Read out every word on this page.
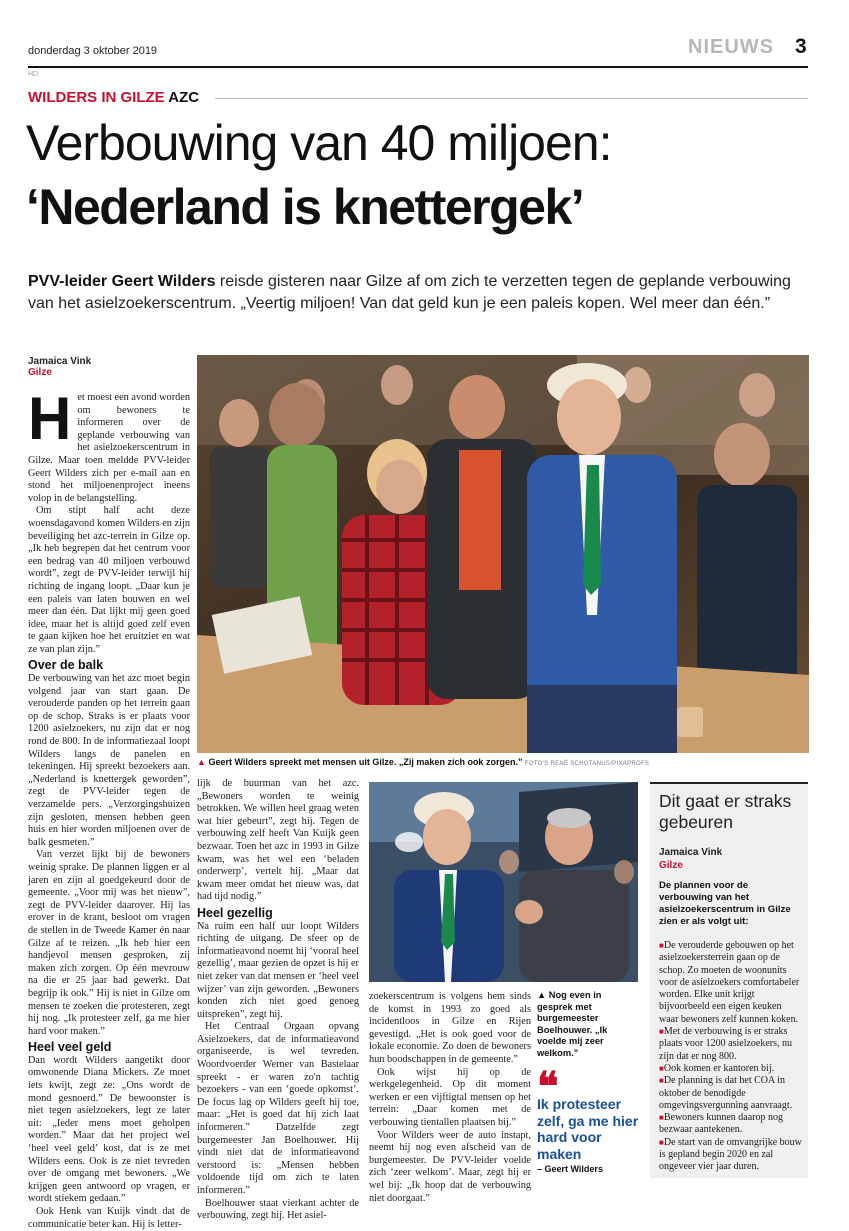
donderdag 3 oktober 2019	NIEUWS 3
HD
WILDERS IN GILZE AZC
Verbouwing van 40 miljoen:
‘Nederland is knettergek’
PVV-leider Geert Wilders reisde gisteren naar Gilze af om zich te verzetten tegen de geplande verbouwing van het asielzoekerscentrum. „Veertig miljoen! Van dat geld kun je een paleis kopen. Wel meer dan één.”
Jamaica Vink
Gilze

Het moest een avond worden om bewoners te informeren over de geplande verbouwing van het asielzoekerscentrum in Gilze. Maar toen meldde PVV-leider Geert Wilders zich per e-mail aan en stond het miljoenenproject ineens volop in de belangstelling.

Om stipt half acht deze woensdagavond komen Wilders en zijn beveiliging het azc-terrein in Gilze op. „Ik heb begrepen dat het centrum voor een bedrag van 40 miljoen verbouwd wordt”, zegt de PVV-leider terwijl hij richting de ingang loopt. „Daar kun je een paleis van laten bouwen en wel meer dan één. Dat lijkt mij geen goed idee, maar het is altijd goed zelf even te gaan kijken hoe het eruitziet en wat ze van plan zijn.”

Over de balk

De verbouwing van het azc moet begin volgend jaar van start gaan. De verouderde panden op het terrein gaan op de schop. Straks is er plaats voor 1200 asielzoekers, nu zijn dat er nog rond de 800. In de informatiezaal loopt Wilders langs de panelen en tekeningen. Hij spreekt bezoekers aan. „Nederland is knettergek geworden”, zegt de PVV-leider tegen de verzamelde pers. „Verzorgingshuizen zijn gesloten, mensen hebben geen huis en hier worden miljoenen over de balk gesmeten.”

Van verzet lijkt bij de bewoners weinig sprake. De plannen liggen er al jaren en zijn al goedgekeurd door de gemeente. „Voor mij was het nieuw”, zegt de PVV-leider daarover. Hij las erover in de krant, besloot om vragen de stellen in de Tweede Kamer én naar Gilze af te reizen. „Ik heb hier een handjevol mensen gesproken, zij maken zich zorgen. Op één mevrouw na die er 25 jaar had gewerkt. Dat begrijp ik ook.” Hij is niet in Gilze om mensen te zoeken die protesteren, zegt hij nog. „Ik protesteer zelf, ga me hier hard voor maken.”

Heel veel geld

Dan wordt Wilders aangetikt door omwonende Diana Mickers. Ze moet iets kwijt, zegt ze: „Ons wordt de mond gesnoerd.” De bewoonster is niet tegen asielzoekers, legt ze later uit: „Ieder mens moet geholpen worden.” Maar dat het project wel ‘heel veel geld’ kost, dat is ze met Wilders eens. Ook is ze niet tevreden over de omgang met bewoners. „We krijgen geen antwoord op vragen, er wordt stiekem gedaan.”

Ook Henk van Kuijk vindt dat de communicatie beter kan. Hij is letter-

▲ Geert Wilders spreekt met mensen uit Gilze. „Zij maken zich ook zorgen.” FOTO'S RENÉ SCHOTANUS/PIXAPROFS

lijk de buurman van het azc. „Bewoners worden te weinig betrokken. We willen heel graag weten wat hier gebeurt”, zegt hij. Tegen de verbouwing zelf heeft Van Kuijk geen bezwaar. Toen het azc in 1993 in Gilze kwam, was het wel een ‘beladen onderwerp’, vertelt hij. „Maar dat kwam meer omdat het nieuw was, dat had tijd nodig.”

Heel gezellig

Na ruim een half uur loopt Wilders richting de uitgang. De sfeer op de informatieavond noemt hij ‘vooral heel gezellig’, maar gezien de opzet is hij er niet zeker van dat mensen er ‘heel veel wijzer’ van zijn geworden. „Bewoners konden zich niet goed genoeg uitspreken”, zegt hij.

Het Centraal Orgaan opvang Asielzoekers, dat de informatieavond organiseerde, is wel tevreden. Woordvoerder Werner van Bastelaar spreekt - er waren zo'n tachtig bezoekers - van een ‘goede opkomst’. De focus lag op Wilders geeft hij toe, maar: „Het is goed dat hij zich laat informeren.” Datzelfde zegt burgemeester Jan Boelhouwer. Hij vindt niet dat de informatieavond verstoord is: „Mensen hebben voldoende tijd om zich te laten informeren.”

Boelhouwer staat vierkant achter de verbouwing, zegt hij. Het asiel-

zoekerscentrum is volgens hem sinds de komst in 1993 zo goed als incidentloos in Gilze en Rijen gevestigd. „Het is ook goed voor de lokale economie. Zo doen de bewoners hun boodschappen in de gemeente.”

Ook wijst hij op de werkgelegenheid. Op dit moment werken er een vijftigtal mensen op het terrein: „Daar komen met de verbouwing tientallen plaatsen bij.”

Voor Wilders weer de auto instapt, neemt hij nog even afscheid van de burgemeester. De PVV-leider voelde zich ‘zeer welkom’. Maar, zegt hij er wel bij: „Ik hoop dat de verbouwing niet doorgaat.”

▲ Nog even in gesprek met burgemeester Boelhouwer. „Ik voelde mij zeer welkom.”
❝
Ik protesteer zelf, ga me hier hard voor maken
– Geert Wilders
Dit gaat er straks gebeuren
Jamaica Vink
Gilze
De plannen voor de verbouwing van het asielzoekerscentrum in Gilze zien er als volgt uit:
■ De verouderde gebouwen op het asielzoekersterrein gaan op de schop. Zo moeten de woonunits voor de asielzoekers comfortabeler worden. Elke unit krijgt bijvoorbeeld een eigen keuken waar bewoners zelf kunnen koken.
■ Met de verbouwing is er straks plaats voor 1200 asielzoekers, nu zijn dat er nog 800.
■ Ook komen er kantoren bij.
■ De planning is dat het COA in oktober de benodigde omgevingsvergunning aanvraagt.
■ Bewoners kunnen daarop nog bezwaar aantekenen.
■ De start van de omvangrijke bouw is gepland begin 2020 en zal ongeveer vier jaar duren.
